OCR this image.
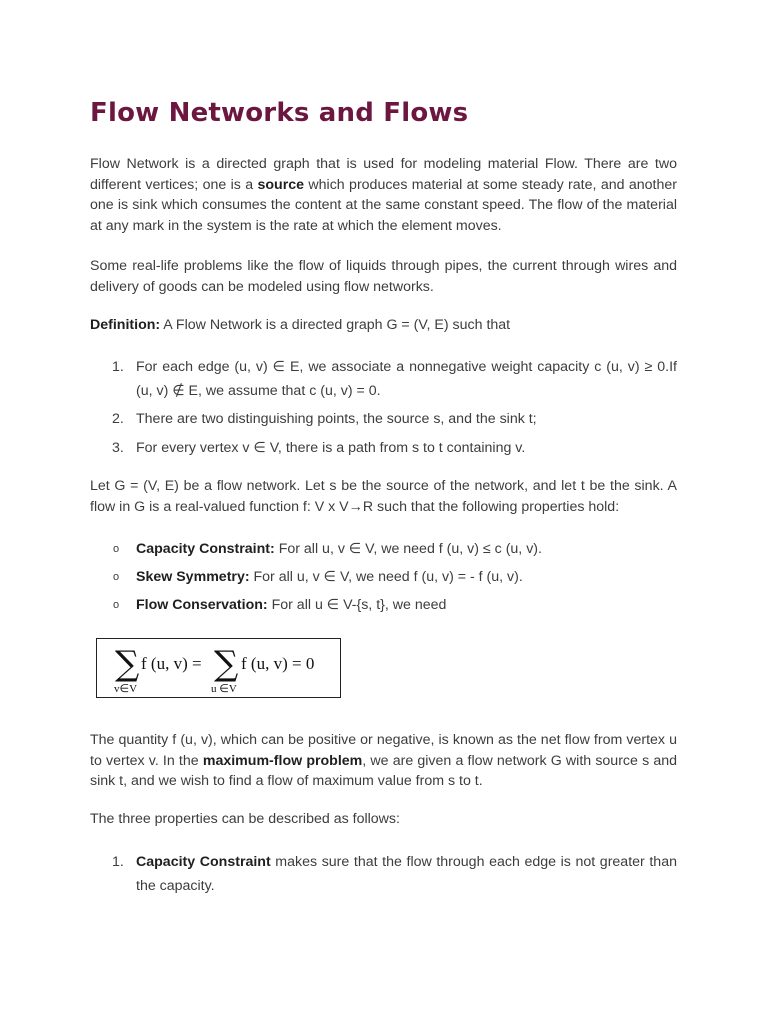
Flow Networks and Flows

Flow Network is a directed graph that is used for modeling material Flow. There are two different vertices; one is a source which produces material at some steady rate, and another one is sink which consumes the content at the same constant speed. The flow of the material at any mark in the system is the rate at which the element moves.

Some real-life problems like the flow of liquids through pipes, the current through wires and delivery of goods can be modeled using flow networks.

Definition: A Flow Network is a directed graph G = (V, E) such that

1. For each edge (u, v) ∈ E, we associate a nonnegative weight capacity c (u, v) ≥ 0.If (u, v) ∉ E, we assume that c (u, v) = 0.
2. There are two distinguishing points, the source s, and the sink t;
3. For every vertex v ∈ V, there is a path from s to t containing v.

Let G = (V, E) be a flow network. Let s be the source of the network, and let t be the sink. A flow in G is a real-valued function f: V x V→R such that the following properties hold:

o Capacity Constraint: For all u, v ∈ V, we need f (u, v) ≤ c (u, v).
o Skew Symmetry: For all u, v ∈ V, we need f (u, v) = - f (u, v).
o Flow Conservation: For all u ∈ V-{s, t}, we need
∑
v∈V
f (u, v) = ∑
u ∈V
f (u, v) = 0

The quantity f (u, v), which can be positive or negative, is known as the net flow from vertex u to vertex v. In the maximum-flow problem, we are given a flow network G with source s and sink t, and we wish to find a flow of maximum value from s to t.

The three properties can be described as follows:

1. Capacity Constraint makes sure that the flow through each edge is not greater than the capacity.
